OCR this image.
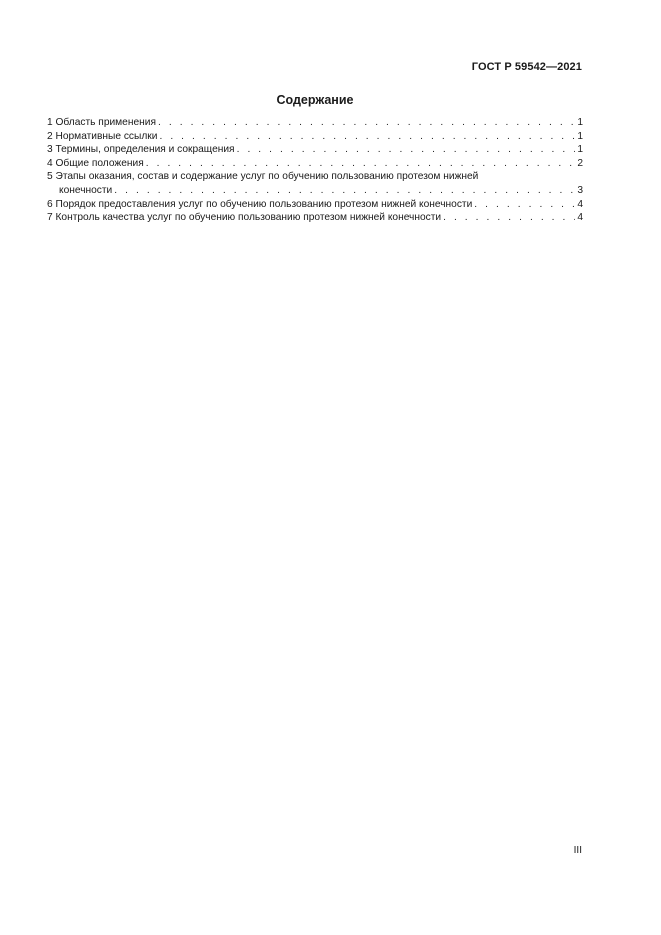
ГОСТ Р 59542—2021
Содержание
1 Область применения . . .	1
2 Нормативные ссылки . . .	1
3 Термины, определения и сокращения . . .	1
4 Общие положения . . .	2
5 Этапы оказания, состав и содержание услуг по обучению пользованию протезом нижней
конечности . . .	3
6 Порядок предоставления услуг по обучению пользованию протезом нижней конечности . . .	4
7 Контроль качества услуг по обучению пользованию протезом нижней конечности . . .	4
III
